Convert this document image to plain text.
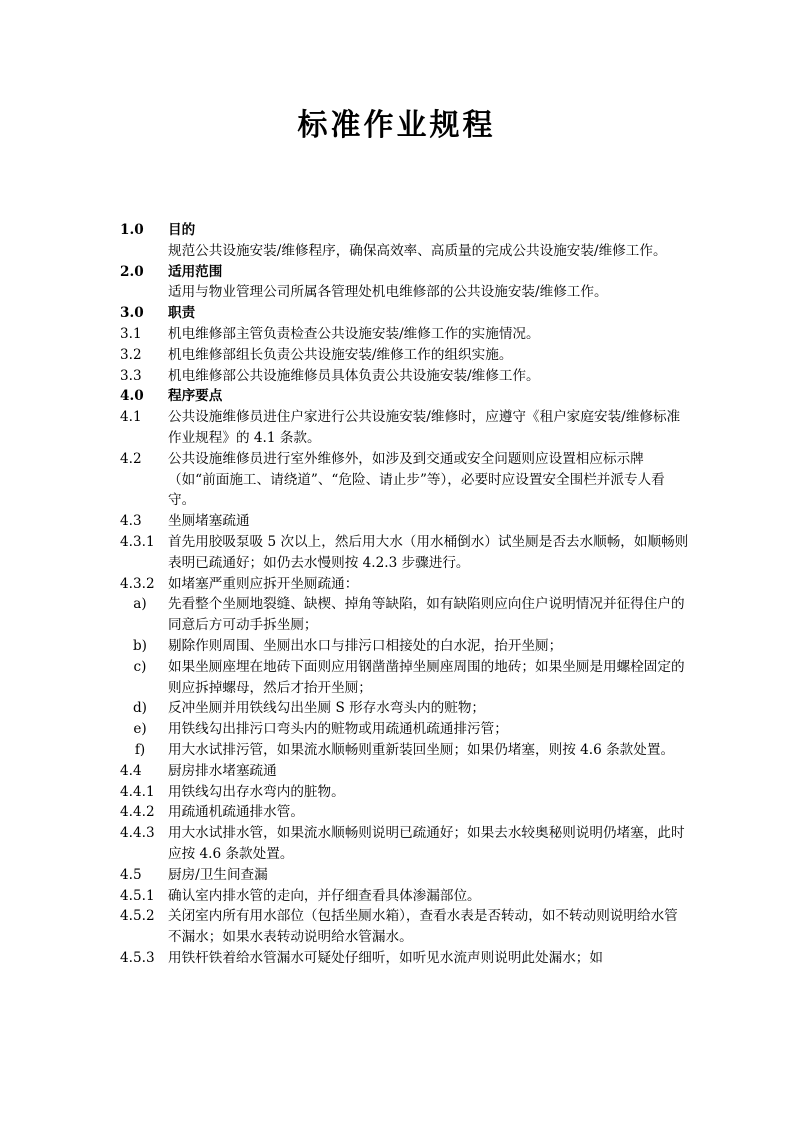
标准作业规程
1.0	目的
规范公共设施安装/维修程序，确保高效率、高质量的完成公共设施安装/维修工作。
2.0	适用范围
适用与物业管理公司所属各管理处机电维修部的公共设施安装/维修工作。
3.0	职责
3.1	机电维修部主管负责检查公共设施安装/维修工作的实施情况。
3.2	机电维修部组长负责公共设施安装/维修工作的组织实施。
3.3	机电维修部公共设施维修员具体负责公共设施安装/维修工作。
4.0	程序要点
4.1	公共设施维修员进住户家进行公共设施安装/维修时，应遵守《租户家庭安装/维修标准作业规程》的 4.1 条款。
4.2	公共设施维修员进行室外维修外，如涉及到交通或安全问题则应设置相应标示牌（如“前面施工、请绕道”、“危险、请止步”等），必要时应设置安全围栏并派专人看守。
4.3	坐厕堵塞疏通
4.3.1 首先用胶吸泵吸 5 次以上，然后用大水（用水桶倒水）试坐厕是否去水顺畅，如顺畅则表明已疏通好；如仍去水慢则按 4.2.3 步骤进行。
4.3.2 如堵塞严重则应拆开坐厕疏通：
a)	先看整个坐厕地裂缝、缺楔、掉角等缺陷，如有缺陷则应向住户说明情况并征得住户的同意后方可动手拆坐厕；
b)	剔除作则周围、坐厕出水口与排污口相接处的白水泥，抬开坐厕；
c)	如果坐厕座埋在地砖下面则应用钢凿凿掉坐厕座周围的地砖；如果坐厕是用螺栓固定的则应拆掉螺母，然后才抬开坐厕；
d)	反冲坐厕并用铁线勾出坐厕 S 形存水弯头内的赃物；
e)	用铁线勾出排污口弯头内的赃物或用疏通机疏通排污管；
f)	用大水试排污管，如果流水顺畅则重新装回坐厕；如果仍堵塞，则按 4.6 条款处置。
4.4	厨房排水堵塞疏通
4.4.1 用铁线勾出存水弯内的脏物。
4.4.2 用疏通机疏通排水管。
4.4.3 用大水试排水管，如果流水顺畅则说明已疏通好；如果去水较奥秘则说明仍堵塞，此时应按 4.6 条款处置。
4.5	厨房/卫生间查漏
4.5.1 确认室内排水管的走向，并仔细查看具体渗漏部位。
4.5.2 关闭室内所有用水部位（包括坐厕水箱），查看水表是否转动，如不转动则说明给水管不漏水；如果水表转动说明给水管漏水。
4.5.3 用铁杆铁着给水管漏水可疑处仔细听，如听见水流声则说明此处漏水；如
